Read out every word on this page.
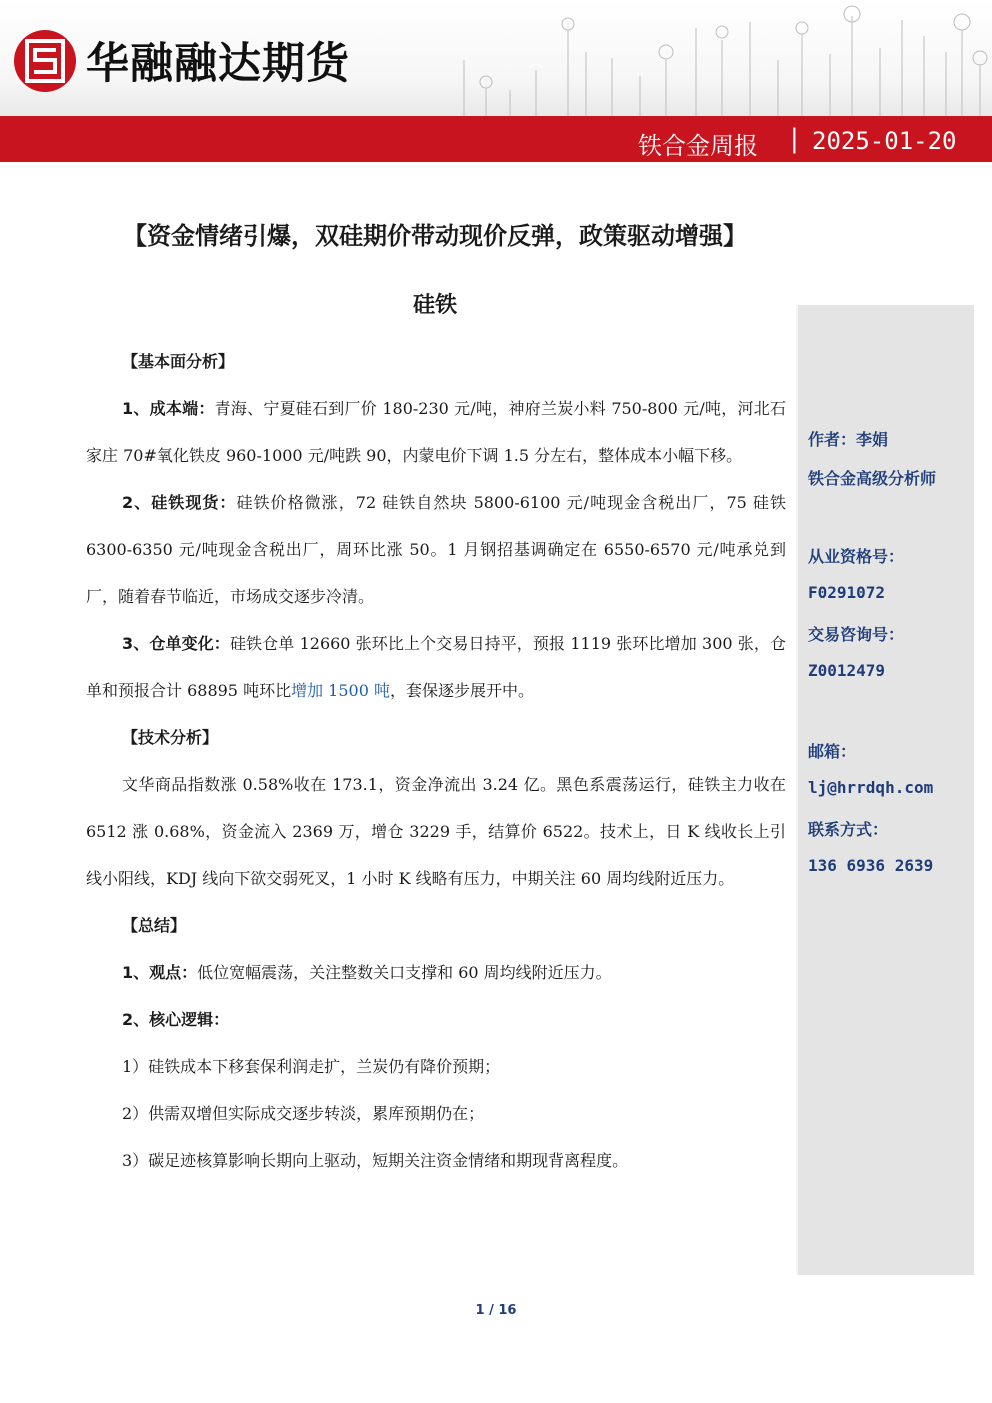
华融融达期货
铁合金周报 | 2025-01-20
【资金情绪引爆，双硅期价带动现价反弹，政策驱动增强】
硅铁
【基本面分析】
1、成本端：青海、宁夏硅石到厂价 180-230 元/吨，神府兰炭小料 750-800 元/吨，河北石家庄 70#氧化铁皮 960-1000 元/吨跌 90，内蒙电价下调 1.5 分左右，整体成本小幅下移。
2、硅铁现货：硅铁价格微涨，72 硅铁自然块 5800-6100 元/吨现金含税出厂，75 硅铁 6300-6350 元/吨现金含税出厂，周环比涨 50。1 月钢招基调确定在 6550-6570 元/吨承兑到厂，随着春节临近，市场成交逐步冷清。
3、仓单变化：硅铁仓单 12660 张环比上个交易日持平，预报 1119 张环比增加 300 张，仓单和预报合计 68895 吨环比增加 1500 吨，套保逐步展开中。
【技术分析】
文华商品指数涨 0.58%收在 173.1，资金净流出 3.24 亿。黑色系震荡运行，硅铁主力收在 6512 涨 0.68%，资金流入 2369 万，增仓 3229 手，结算价 6522。技术上，日 K 线收长上引线小阳线，KDJ 线向下欲交弱死叉，1 小时 K 线略有压力，中期关注 60 周均线附近压力。
【总结】
1、观点：低位宽幅震荡，关注整数关口支撑和 60 周均线附近压力。
2、核心逻辑：
1）硅铁成本下移套保利润走扩，兰炭仍有降价预期；
2）供需双增但实际成交逐步转淡，累库预期仍在；
3）碳足迹核算影响长期向上驱动，短期关注资金情绪和期现背离程度。
作者：李娟
铁合金高级分析师
从业资格号：
F0291072
交易咨询号：
Z0012479
邮箱：
lj@hrrdqh.com
联系方式：
136 6936 2639
1 / 16
